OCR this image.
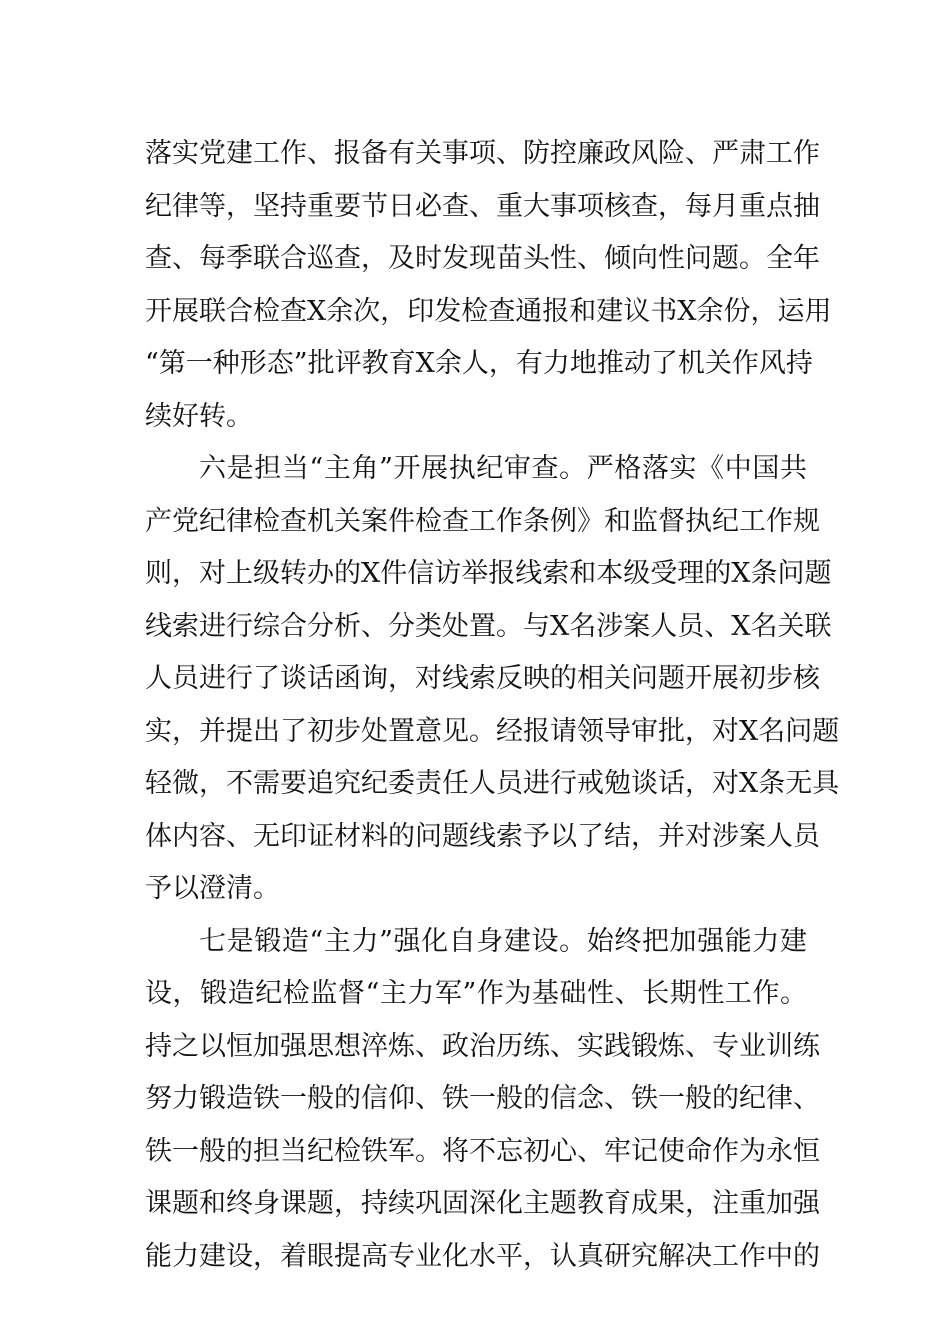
落实党建工作、报备有关事项、防控廉政风险、严肃工作
纪律等，坚持重要节日必查、重大事项核查，每月重点抽
查、每季联合巡查，及时发现苗头性、倾向性问题。全年
开展联合检查X余次，印发检查通报和建议书X余份，运用
“第一种形态”批评教育X余人，有力地推动了机关作风持
续好转。
六是担当“主角”开展执纪审查。严格落实《中国共
产党纪律检查机关案件检查工作条例》和监督执纪工作规
则，对上级转办的X件信访举报线索和本级受理的X条问题
线索进行综合分析、分类处置。与X名涉案人员、X名关联
人员进行了谈话函询，对线索反映的相关问题开展初步核
实，并提出了初步处置意见。经报请领导审批，对X名问题
轻微，不需要追究纪委责任人员进行戒勉谈话，对X条无具
体内容、无印证材料的问题线索予以了结，并对涉案人员
予以澄清。
七是锻造“主力”强化自身建设。始终把加强能力建
设，锻造纪检监督“主力军”作为基础性、长期性工作。
持之以恒加强思想淬炼、政治历练、实践锻炼、专业训练
努力锻造铁一般的信仰、铁一般的信念、铁一般的纪律、
铁一般的担当纪检铁军。将不忘初心、牢记使命作为永恒
课题和终身课题，持续巩固深化主题教育成果，注重加强
能力建设，着眼提高专业化水平，认真研究解决工作中的
